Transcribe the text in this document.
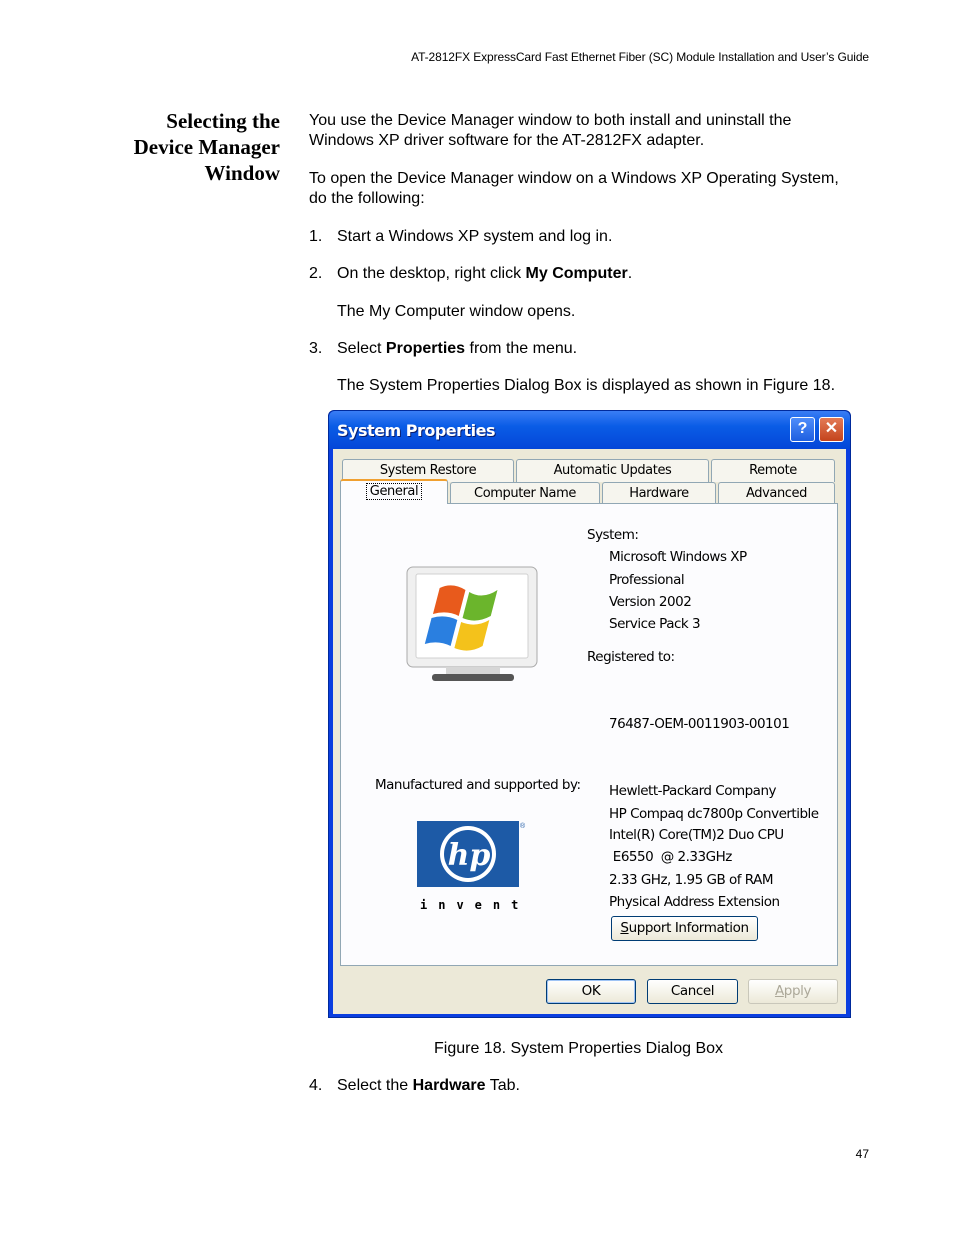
AT-2812FX ExpressCard Fast Ethernet Fiber (SC) Module Installation and User’s Guide
Selecting the
Device Manager
Window
You use the Device Manager window to both install and uninstall the Windows XP driver software for the AT-2812FX adapter.
To open the Device Manager window on a Windows XP Operating System, do the following:
1. Start a Windows XP system and log in.
2. On the desktop, right click My Computer.
The My Computer window opens.
3. Select Properties from the menu.
The System Properties Dialog Box is displayed as shown in Figure 18.
System Properties	?	✕
System Restore	Automatic Updates	Remote
General	Computer Name	Hardware	Advanced
System:
Microsoft Windows XP
Professional
Version 2002
Service Pack 3
Registered to:
76487-OEM-0011903-00101
Manufactured and supported by: Hewlett-Packard Company
HP Compaq dc7800p Convertible
Intel(R) Core(TM)2 Duo CPU
E6550  @ 2.33GHz
2.33 GHz, 1.95 GB of RAM
Physical Address Extension
hp
®
invent
Support Information
OK	Cancel	Apply
Figure 18. System Properties Dialog Box
4. Select the Hardware Tab.
47
